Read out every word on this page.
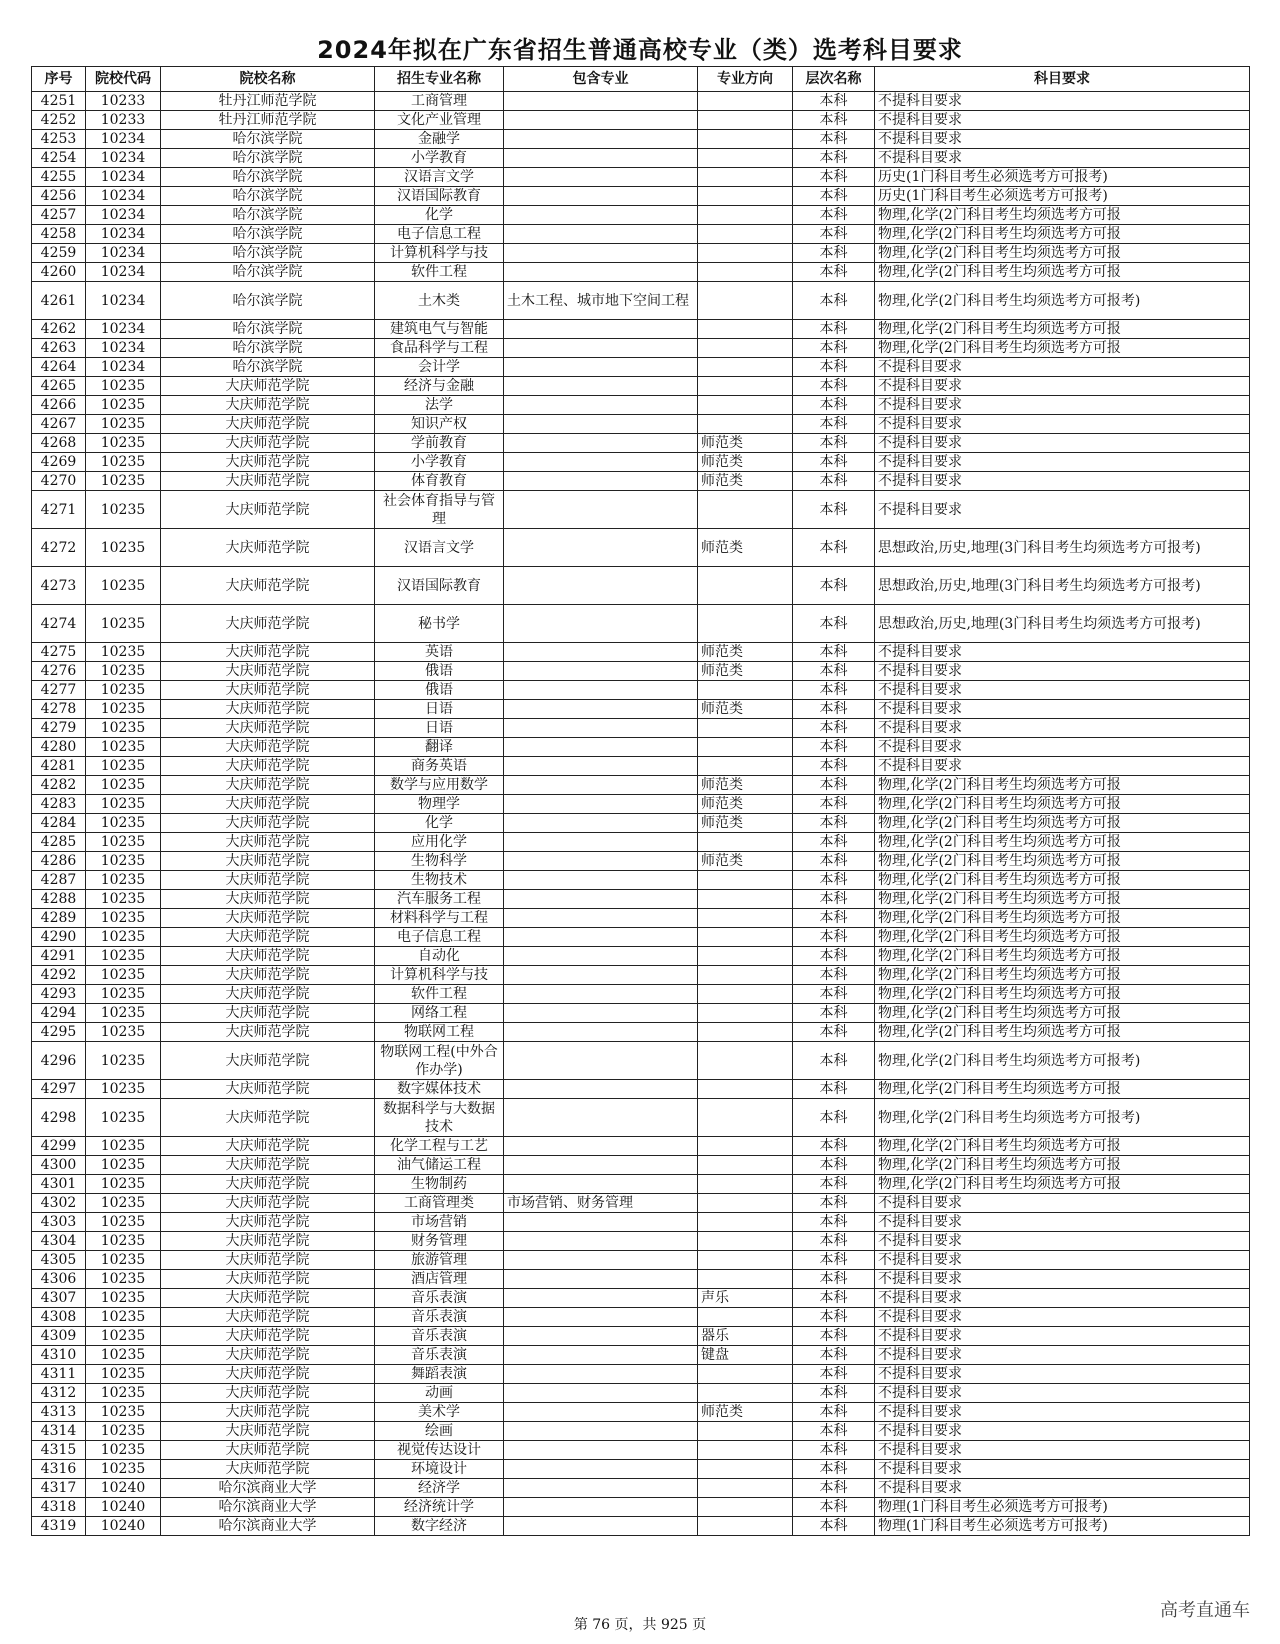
2024年拟在广东省招生普通高校专业（类）选考科目要求
序号	院校代码	院校名称	招生专业名称	包含专业	专业方向	层次名称	科目要求
4251	10233	牡丹江师范学院	工商管理			本科	不提科目要求
4252	10233	牡丹江师范学院	文化产业管理			本科	不提科目要求
4253	10234	哈尔滨学院	金融学			本科	不提科目要求
4254	10234	哈尔滨学院	小学教育			本科	不提科目要求
4255	10234	哈尔滨学院	汉语言文学			本科	历史(1门科目考生必须选考方可报考)
4256	10234	哈尔滨学院	汉语国际教育			本科	历史(1门科目考生必须选考方可报考)
4257	10234	哈尔滨学院	化学			本科	物理,化学(2门科目考生均须选考方可报
4258	10234	哈尔滨学院	电子信息工程			本科	物理,化学(2门科目考生均须选考方可报
4259	10234	哈尔滨学院	计算机科学与技			本科	物理,化学(2门科目考生均须选考方可报
4260	10234	哈尔滨学院	软件工程			本科	物理,化学(2门科目考生均须选考方可报
4261	10234	哈尔滨学院	土木类	土木工程、城市地下空间工程		本科	物理,化学(2门科目考生均须选考方可报考)
4262	10234	哈尔滨学院	建筑电气与智能			本科	物理,化学(2门科目考生均须选考方可报
4263	10234	哈尔滨学院	食品科学与工程			本科	物理,化学(2门科目考生均须选考方可报
4264	10234	哈尔滨学院	会计学			本科	不提科目要求
4265	10235	大庆师范学院	经济与金融			本科	不提科目要求
4266	10235	大庆师范学院	法学			本科	不提科目要求
4267	10235	大庆师范学院	知识产权			本科	不提科目要求
4268	10235	大庆师范学院	学前教育		师范类	本科	不提科目要求
4269	10235	大庆师范学院	小学教育		师范类	本科	不提科目要求
4270	10235	大庆师范学院	体育教育		师范类	本科	不提科目要求
4271	10235	大庆师范学院	社会体育指导与管理			本科	不提科目要求
4272	10235	大庆师范学院	汉语言文学		师范类	本科	思想政治,历史,地理(3门科目考生均须选考方可报考)
4273	10235	大庆师范学院	汉语国际教育			本科	思想政治,历史,地理(3门科目考生均须选考方可报考)
4274	10235	大庆师范学院	秘书学			本科	思想政治,历史,地理(3门科目考生均须选考方可报考)
4275	10235	大庆师范学院	英语		师范类	本科	不提科目要求
4276	10235	大庆师范学院	俄语		师范类	本科	不提科目要求
4277	10235	大庆师范学院	俄语			本科	不提科目要求
4278	10235	大庆师范学院	日语		师范类	本科	不提科目要求
4279	10235	大庆师范学院	日语			本科	不提科目要求
4280	10235	大庆师范学院	翻译			本科	不提科目要求
4281	10235	大庆师范学院	商务英语			本科	不提科目要求
4282	10235	大庆师范学院	数学与应用数学		师范类	本科	物理,化学(2门科目考生均须选考方可报
4283	10235	大庆师范学院	物理学		师范类	本科	物理,化学(2门科目考生均须选考方可报
4284	10235	大庆师范学院	化学		师范类	本科	物理,化学(2门科目考生均须选考方可报
4285	10235	大庆师范学院	应用化学			本科	物理,化学(2门科目考生均须选考方可报
4286	10235	大庆师范学院	生物科学		师范类	本科	物理,化学(2门科目考生均须选考方可报
4287	10235	大庆师范学院	生物技术			本科	物理,化学(2门科目考生均须选考方可报
4288	10235	大庆师范学院	汽车服务工程			本科	物理,化学(2门科目考生均须选考方可报
4289	10235	大庆师范学院	材料科学与工程			本科	物理,化学(2门科目考生均须选考方可报
4290	10235	大庆师范学院	电子信息工程			本科	物理,化学(2门科目考生均须选考方可报
4291	10235	大庆师范学院	自动化			本科	物理,化学(2门科目考生均须选考方可报
4292	10235	大庆师范学院	计算机科学与技			本科	物理,化学(2门科目考生均须选考方可报
4293	10235	大庆师范学院	软件工程			本科	物理,化学(2门科目考生均须选考方可报
4294	10235	大庆师范学院	网络工程			本科	物理,化学(2门科目考生均须选考方可报
4295	10235	大庆师范学院	物联网工程			本科	物理,化学(2门科目考生均须选考方可报
4296	10235	大庆师范学院	物联网工程(中外合作办学)			本科	物理,化学(2门科目考生均须选考方可报考)
4297	10235	大庆师范学院	数字媒体技术			本科	物理,化学(2门科目考生均须选考方可报
4298	10235	大庆师范学院	数据科学与大数据技术			本科	物理,化学(2门科目考生均须选考方可报考)
4299	10235	大庆师范学院	化学工程与工艺			本科	物理,化学(2门科目考生均须选考方可报
4300	10235	大庆师范学院	油气储运工程			本科	物理,化学(2门科目考生均须选考方可报
4301	10235	大庆师范学院	生物制药			本科	物理,化学(2门科目考生均须选考方可报
4302	10235	大庆师范学院	工商管理类	市场营销、财务管理		本科	不提科目要求
4303	10235	大庆师范学院	市场营销			本科	不提科目要求
4304	10235	大庆师范学院	财务管理			本科	不提科目要求
4305	10235	大庆师范学院	旅游管理			本科	不提科目要求
4306	10235	大庆师范学院	酒店管理			本科	不提科目要求
4307	10235	大庆师范学院	音乐表演		声乐	本科	不提科目要求
4308	10235	大庆师范学院	音乐表演			本科	不提科目要求
4309	10235	大庆师范学院	音乐表演		器乐	本科	不提科目要求
4310	10235	大庆师范学院	音乐表演		键盘	本科	不提科目要求
4311	10235	大庆师范学院	舞蹈表演			本科	不提科目要求
4312	10235	大庆师范学院	动画			本科	不提科目要求
4313	10235	大庆师范学院	美术学		师范类	本科	不提科目要求
4314	10235	大庆师范学院	绘画			本科	不提科目要求
4315	10235	大庆师范学院	视觉传达设计			本科	不提科目要求
4316	10235	大庆师范学院	环境设计			本科	不提科目要求
4317	10240	哈尔滨商业大学	经济学			本科	不提科目要求
4318	10240	哈尔滨商业大学	经济统计学			本科	物理(1门科目考生必须选考方可报考)
4319	10240	哈尔滨商业大学	数字经济			本科	物理(1门科目考生必须选考方可报考)
第 76 页，共 925 页
高考直通车
